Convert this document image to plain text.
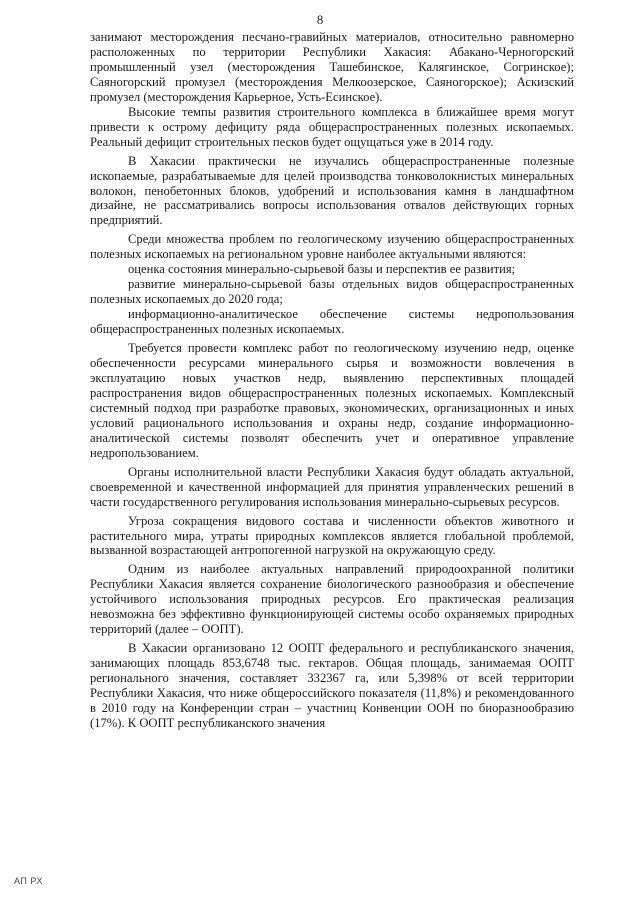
8

занимают месторождения песчано-гравийных материалов, относительно равномерно расположенных по территории Республики Хакасия: Абакано-Черногорский промышленный узел (месторождения Ташебинское, Калягинское, Согринское); Саяногорский промузел (месторождения Мелкоозерское, Саяногорское); Аскизский промузел (месторождения Карьерное, Усть-Есинское).

Высокие темпы развития строительного комплекса в ближайшее время могут привести к острому дефициту ряда общераспространенных полезных ископаемых. Реальный дефицит строительных песков будет ощущаться уже в 2014 году.

В Хакасии практически не изучались общераспространенные полезные ископаемые, разрабатываемые для целей производства тонковолокнистых минеральных волокон, пенобетонных блоков, удобрений и использования камня в ландшафтном дизайне, не рассматривались вопросы использования отвалов действующих горных предприятий.

Среди множества проблем по геологическому изучению общераспространенных полезных ископаемых на региональном уровне наиболее актуальными являются:

оценка состояния минерально-сырьевой базы и перспектив ее развития;

развитие минерально-сырьевой базы отдельных видов общераспространенных полезных ископаемых до 2020 года;

информационно-аналитическое обеспечение системы недропользования общераспространенных полезных ископаемых.

Требуется провести комплекс работ по геологическому изучению недр, оценке обеспеченности ресурсами минерального сырья и возможности вовлечения в эксплуатацию новых участков недр, выявлению перспективных площадей распространения видов общераспространенных полезных ископаемых. Комплексный системный подход при разработке правовых, экономических, организационных и иных условий рационального использования и охраны недр, создание информационно-аналитической системы позволят обеспечить учет и оперативное управление недропользованием.

Органы исполнительной власти Республики Хакасия будут обладать актуальной, своевременной и качественной информацией для принятия управленческих решений в части государственного регулирования использования минерально-сырьевых ресурсов.

Угроза сокращения видового состава и численности объектов животного и растительного мира, утраты природных комплексов является глобальной проблемой, вызванной возрастающей антропогенной нагрузкой на окружающую среду.

Одним из наиболее актуальных направлений природоохранной политики Республики Хакасия является сохранение биологического разнообразия и обеспечение устойчивого использования природных ресурсов. Его практическая реализация невозможна без эффективно функционирующей системы особо охраняемых природных территорий (далее – ООПТ).

В Хакасии организовано 12 ООПТ федерального и республиканского значения, занимающих площадь 853,6748 тыс. гектаров. Общая площадь, занимаемая ООПТ регионального значения, составляет 332367 га, или 5,398% от всей территории Республики Хакасия, что ниже общероссийского показателя (11,8%) и рекомендованного в 2010 году на Конференции стран – участниц Конвенции ООН по биоразнообразию (17%). К ООПТ республиканского значения

АП РХ
